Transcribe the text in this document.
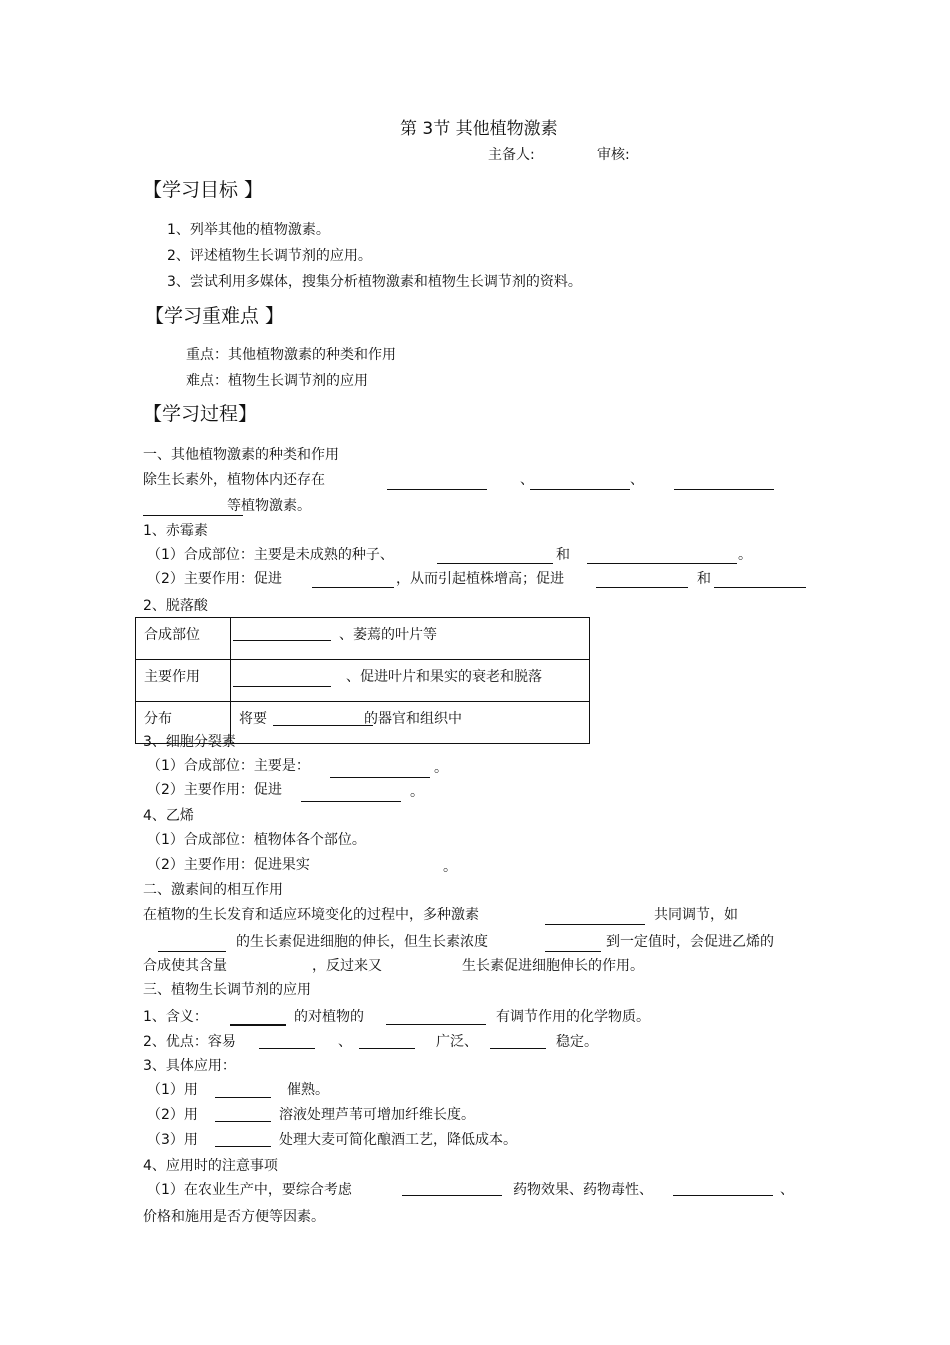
第 3节 其他植物激素
主备人:	审核:
【学习目标 】
1、列举其他的植物激素。
2、评述植物生长调节剂的应用。
3、尝试利用多媒体，搜集分析植物激素和植物生长调节剂的资料。
【学习重难点 】
重点：其他植物激素的种类和作用
难点：植物生长调节剂的应用
【学习过程】
一、其他植物激素的种类和作用
除生长素外，植物体内还存在	、	、
等植物激素。
1、赤霉素
（1）合成部位：主要是未成熟的种子、	和	。
（2）主要作用：促进	，从而引起植株增高；促进	和
2、脱落酸
合成部位	、萎蔫的叶片等

主要作用	、促进叶片和果实的衰老和脱落

分布	将要 的器官和组织中
3、细胞分裂素
（1）合成部位：主要是：	。
（2）主要作用：促进	。
4、乙烯
（1）合成部位：植物体各个部位。
（2）主要作用：促进果实	。
二、激素间的相互作用
在植物的生长发育和适应环境变化的过程中，多种激素	共同调节，如
的生长素促进细胞的伸长，但生长素浓度	到一定值时，会促进乙烯的
合成使其含量	，反过来又	生长素促进细胞伸长的作用。
三、植物生长调节剂的应用
1、含义：	的对植物的	有调节作用的化学物质。
2、优点：容易	、	广泛、	稳定。
3、具体应用：
（1）用	催熟。
（2）用	溶液处理芦苇可增加纤维长度。
（3）用	处理大麦可简化酿酒工艺，降低成本。
4、应用时的注意事项
（1）在农业生产中，要综合考虑	药物效果、药物毒性、	、
价格和施用是否方便等因素。
